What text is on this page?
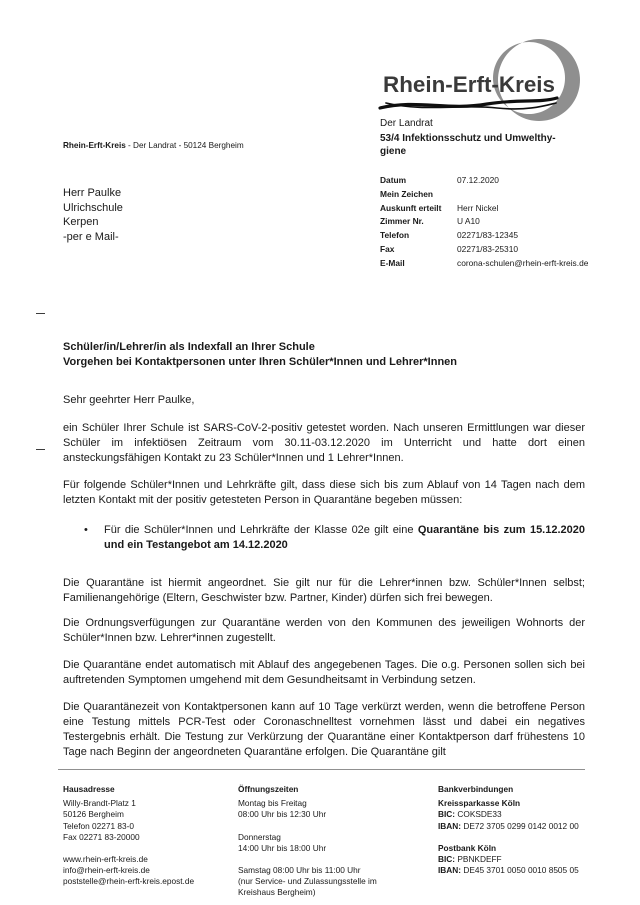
Rhein-Erft-Kreis
Der Landrat
53/4 Infektionsschutz und Umwelthy-
giene
Datum	07.12.2020
Mein Zeichen
Auskunft erteilt	Herr Nickel
Zimmer Nr.	U A10
Telefon	02271/83-12345
Fax	02271/83-25310
E-Mail	corona-schulen@rhein-erft-kreis.de
Rhein-Erft-Kreis - Der Landrat - 50124 Bergheim
Herr Paulke
Ulrichschule
Kerpen
-per e Mail-
Schüler/in/Lehrer/in als Indexfall an Ihrer Schule
Vorgehen bei Kontaktpersonen unter Ihren Schüler*Innen und Lehrer*Innen
Sehr geehrter Herr Paulke,
ein Schüler Ihrer Schule ist SARS-CoV-2-positiv getestet worden. Nach unseren Ermittlungen war dieser Schüler im infektiösen Zeitraum vom 30.11-03.12.2020 im Unterricht und hatte dort einen ansteckungsfähigen Kontakt zu 23 Schüler*Innen und 1 Lehrer*Innen.
Für folgende Schüler*Innen und Lehrkräfte gilt, dass diese sich bis zum Ablauf von 14 Tagen nach dem letzten Kontakt mit der positiv getesteten Person in Quarantäne begeben müssen:
•	Für die Schüler*Innen und Lehrkräfte der Klasse 02e gilt eine Quarantäne bis zum 15.12.2020 und ein Testangebot am 14.12.2020
Die Quarantäne ist hiermit angeordnet. Sie gilt nur für die Lehrer*innen bzw. Schüler*Innen selbst; Familienangehörige (Eltern, Geschwister bzw. Partner, Kinder) dürfen sich frei bewegen.
Die Ordnungsverfügungen zur Quarantäne werden von den Kommunen des jeweiligen Wohnorts der Schüler*Innen bzw. Lehrer*innen zugestellt.
Die Quarantäne endet automatisch mit Ablauf des angegebenen Tages. Die o.g. Personen sollen sich bei auftretenden Symptomen umgehend mit dem Gesundheitsamt in Verbindung setzen.
Die Quarantänezeit von Kontaktpersonen kann auf 10 Tage verkürzt werden, wenn die betroffene Person eine Testung mittels PCR-Test oder Coronaschnelltest vornehmen lässt und dabei ein negatives Testergebnis erhält. Die Testung zur Verkürzung der Quarantäne einer Kontaktperson darf frühestens 10 Tage nach Beginn der angeordneten Quarantäne erfolgen. Die Quarantäne gilt
Hausadresse
Willy-Brandt-Platz 1
50126 Bergheim
Telefon 02271 83-0
Fax 02271 83-20000
www.rhein-erft-kreis.de
info@rhein-erft-kreis.de
poststelle@rhein-erft-kreis.epost.de
Öffnungszeiten
Montag bis Freitag
08:00 Uhr bis 12:30 Uhr
Donnerstag
14:00 Uhr bis 18:00 Uhr
Samstag 08:00 Uhr bis 11:00 Uhr
(nur Service- und Zulassungsstelle im
Kreishaus Bergheim)
Bankverbindungen
Kreissparkasse Köln
BIC: COKSDE33
IBAN: DE72 3705 0299 0142 0012 00
Postbank Köln
BIC: PBNKDEFF
IBAN: DE45 3701 0050 0010 8505 05
